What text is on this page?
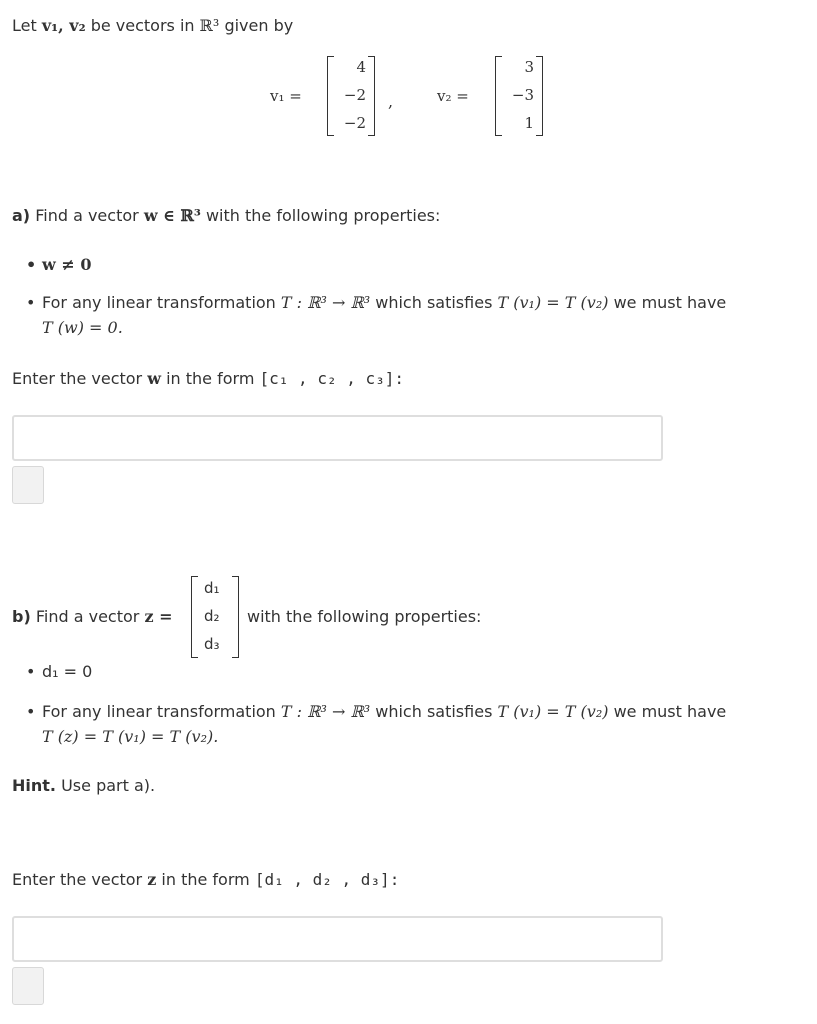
Let v₁, v₂ be vectors in ℝ³ given by
v₁ =
4
−2
−2
,	v₂ =
3
−3
1
a) Find a vector w ∈ ℝ³ with the following properties:
• w ≠ 0
• For any linear transformation T : ℝ³ → ℝ³ which satisfies T (v₁) = T (v₂) we must have
T (w) = 0.
Enter the vector w in the form [c₁ , c₂ , c₃]:
b) Find a vector z =
d₁
d₂
d₃
with the following properties:
• d₁ = 0
• For any linear transformation T : ℝ³ → ℝ³ which satisfies T (v₁) = T (v₂) we must have
T (z) = T (v₁) = T (v₂).
Hint. Use part a).
Enter the vector z in the form [d₁ , d₂ , d₃]:
